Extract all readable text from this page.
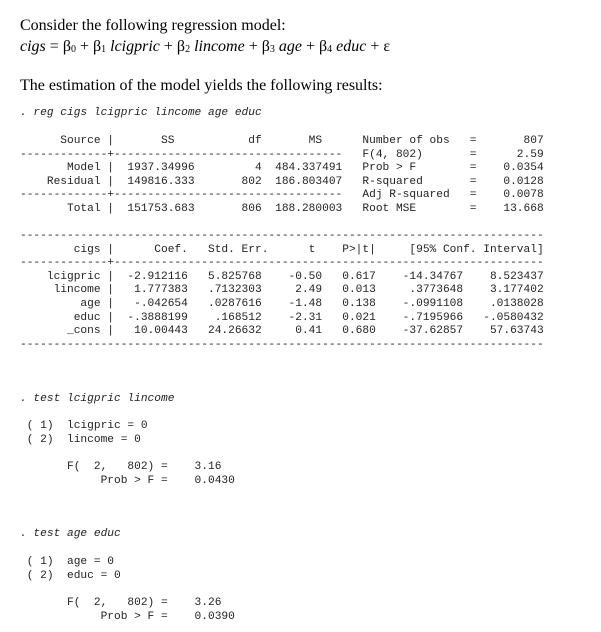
Consider the following regression model:
cigs = $\beta_0 + \beta_1$ lcigpric + $\beta_2$ lincome + $\beta_3$ age + $\beta_4$ educ + ε
The estimation of the model yields the following results:
. reg cigs lcigpric lincome age educ
Source |       SS           df       MS      Number of obs   =       807
-------------+----------------------------------   F(4, 802)       =      2.59
Model |  1937.34996         4  484.337491   Prob > F        =    0.0354
Residual |  149816.333       802  186.803407   R-squared       =    0.0128
-------------+----------------------------------   Adj R-squared   =    0.0078
Total |  151753.683       806  188.280003   Root MSE        =    13.668
------------------------------------------------------------------------------
cigs |      Coef.   Std. Err.      t    P>|t|     [95% Conf. Interval]
-------------+----------------------------------------------------------------
lcigpric |  -2.912116   5.825768    -0.50   0.617    -14.34767    8.523437
lincome |   1.777383   .7132303     2.49   0.013     .3773648    3.177402
age |   -.042654   .0287616    -1.48   0.138    -.0991108    .0138028
educ |  -.3888199    .168512    -2.31   0.021    -.7195966   -.0580432
_cons |   10.00443   24.26632     0.41   0.680    -37.62857    57.63743
------------------------------------------------------------------------------
. test lcigpric lincome
( 1)  lcigpric = 0
( 2)  lincome = 0
F(  2,   802) =    3.16
Prob > F =    0.0430
. test age educ
( 1)  age = 0
( 2)  educ = 0
F(  2,   802) =    3.26
Prob > F =    0.0390
